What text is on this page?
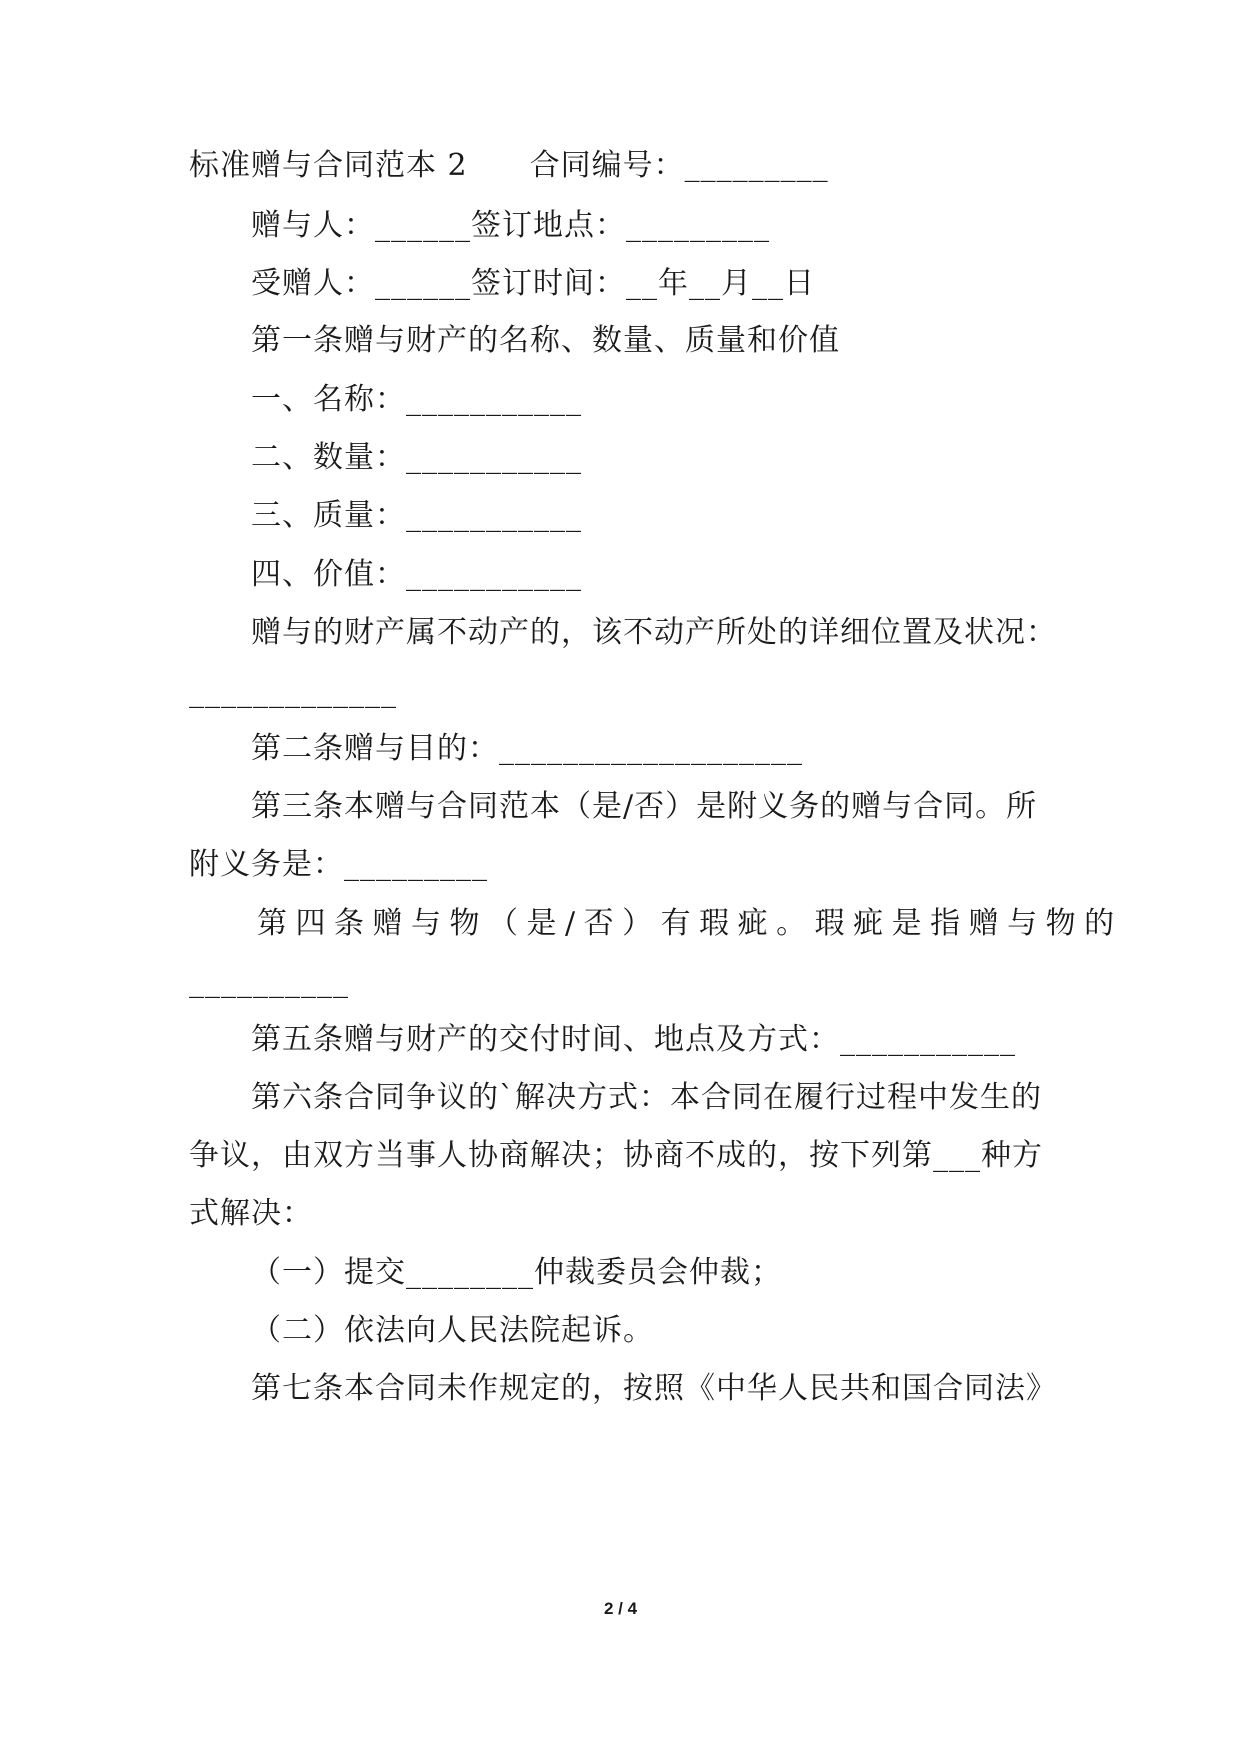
标准赠与合同范本 2　　合同编号：_________
赠与人：______签订地点：_________
受赠人：______签订时间：__年__月__日
第一条赠与财产的名称、数量、质量和价值
一、名称：___________
二、数量：___________
三、质量：___________
四、价值：___________
赠与的财产属不动产的，该不动产所处的详细位置及状况：
_____________
第二条赠与目的：___________________
第三条本赠与合同范本（是/否）是附义务的赠与合同。所
附义务是：_________
第四条赠与物（是/否）有瑕疵。瑕疵是指赠与物的
__________
第五条赠与财产的交付时间、地点及方式：___________
第六条合同争议的`解决方式：本合同在履行过程中发生的
争议，由双方当事人协商解决；协商不成的，按下列第___种方
式解决：
（一）提交________仲裁委员会仲裁；
（二）依法向人民法院起诉。
第七条本合同未作规定的，按照《中华人民共和国合同法》
2 / 4
